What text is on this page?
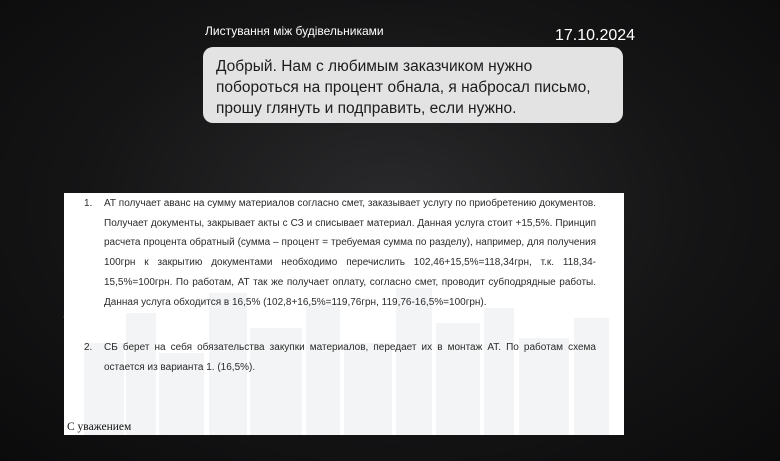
Листування між будівельниками	17.10.2024
Добрый. Нам с любимым заказчиком нужно побороться на процент обнала, я набросал письмо, прошу глянуть и подправить, если нужно.
1.	АТ получает аванс на сумму материалов согласно смет, заказывает услугу по приобретению документов. Получает документы, закрывает акты с СЗ и списывает материал. Данная услуга стоит +15,5%. Принцип расчета процента обратный (сумма – процент = требуемая сумма по разделу), например, для получения 100грн к закрытию документами необходимо перечислить 102,46+15,5%=118,34грн, т.к. 118,34-15,5%=100грн. По работам, АТ так же получает оплату, согласно смет, проводит субподрядные работы. Данная услуга обходится в 16,5% (102,8+16,5%=119,76грн, 119,76-16,5%=100грн).
2.	СБ берет на себя обязательства закупки материалов, передает их в монтаж АТ. По работам схема остается из варианта 1. (16,5%).
С уважением
